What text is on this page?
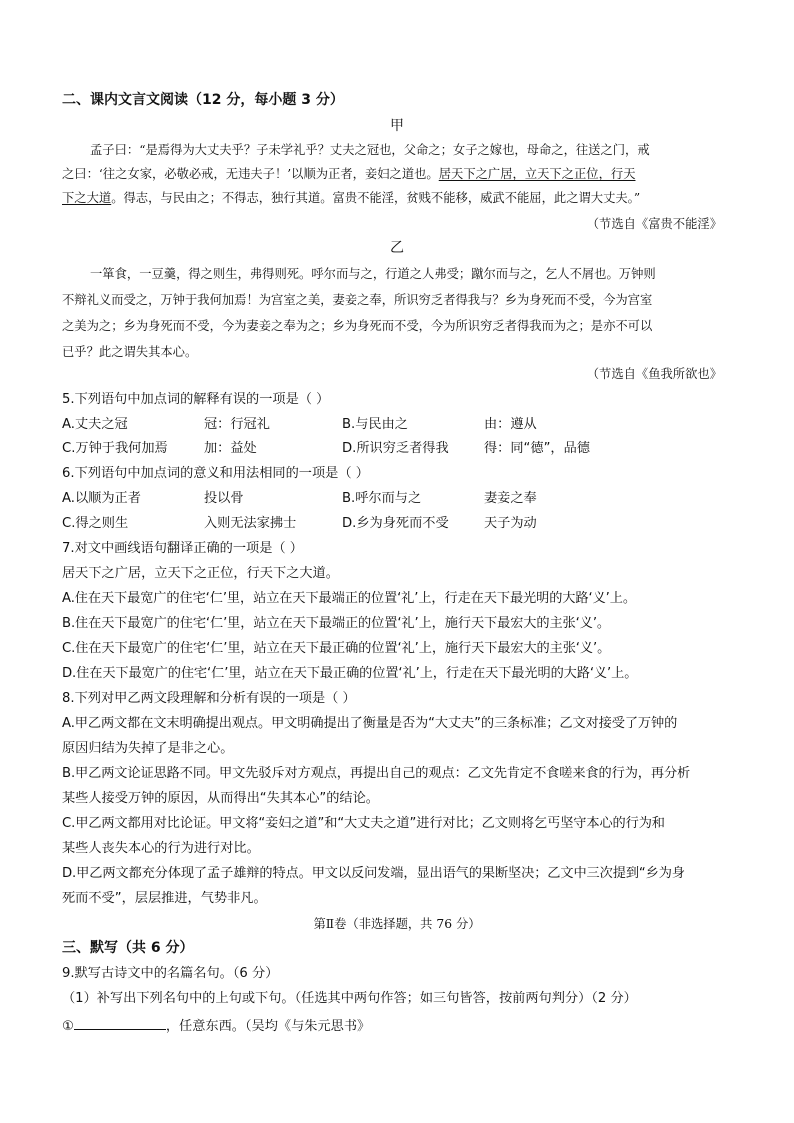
二、课内文言文阅读（12 分，每小题 3 分）
甲
孟子曰：“是焉得为大丈夫乎？子未学礼乎？丈夫之冠也，父命之；女子之嫁也，母命之，往送之门，戒
之曰：‘往之女家，必敬必戒，无违夫子！’以顺为正者，妾妇之道也。居天下之广居，立天下之正位，行天
下之大道。得志，与民由之；不得志，独行其道。富贵不能淫，贫贱不能移，威武不能屈，此之谓大丈夫。”
（节选自《富贵不能淫》
乙
一箪食，一豆羹，得之则生，弗得则死。呼尔而与之，行道之人弗受；蹴尔而与之，乞人不屑也。万钟则
不辩礼义而受之，万钟于我何加焉！为宫室之美，妻妾之奉，所识穷乏者得我与？乡为身死而不受，今为宫室
之美为之；乡为身死而不受，今为妻妾之奉为之；乡为身死而不受，今为所识穷乏者得我而为之；是亦不可以
已乎？此之谓失其本心。
（节选自《鱼我所欲也》
5.下列语句中加点词的解释有误的一项是（ ）
A.丈夫之冠	冠：行冠礼	B.与民由之	由：遵从
C.万钟于我何加焉	加：益处	D.所识穷乏者得我	得：同“德”，品德
6.下列语句中加点词的意义和用法相同的一项是（ ）
A.以顺为正者	投以骨	B.呼尔而与之	妻妾之奉
C.得之则生	入则无法家拂士	D.乡为身死而不受	天子为动
7.对文中画线语句翻译正确的一项是（ ）
居天下之广居，立天下之正位，行天下之大道。
A.住在天下最宽广的住宅‘仁’里，站立在天下最端正的位置‘礼’上，行走在天下最光明的大路‘义’上。
B.住在天下最宽广的住宅‘仁’里，站立在天下最端正的位置‘礼’上，施行天下最宏大的主张‘义’。
C.住在天下最宽广的住宅‘仁’里，站立在天下最正确的位置‘礼’上，施行天下最宏大的主张‘义’。
D.住在天下最宽广的住宅‘仁’里，站立在天下最正确的位置‘礼’上，行走在天下最光明的大路‘义’上。
8.下列对甲乙两文段理解和分析有误的一项是（ ）
A.甲乙两文都在文末明确提出观点。甲文明确提出了衡量是否为“大丈夫”的三条标准；乙文对接受了万钟的
原因归结为失掉了是非之心。
B.甲乙两文论证思路不同。甲文先驳斥对方观点，再提出自己的观点：乙文先肯定不食嗟来食的行为，再分析
某些人接受万钟的原因，从而得出“失其本心”的结论。
C.甲乙两文都用对比论证。甲文将“妾妇之道”和“大丈夫之道”进行对比；乙文则将乞丐坚守本心的行为和
某些人丧失本心的行为进行对比。
D.甲乙两文都充分体现了孟子雄辩的特点。甲文以反问发端，显出语气的果断坚决；乙文中三次提到“乡为身
死而不受”，层层推进，气势非凡。
第Ⅱ卷（非选择题，共 76 分）
三、默写（共 6 分）
9.默写古诗文中的名篇名句。（6 分）
（1）补写出下列名句中的上句或下句。（任选其中两句作答；如三句皆答，按前两句判分）（2 分）
①	，任意东西。（吴均《与朱元思书》
